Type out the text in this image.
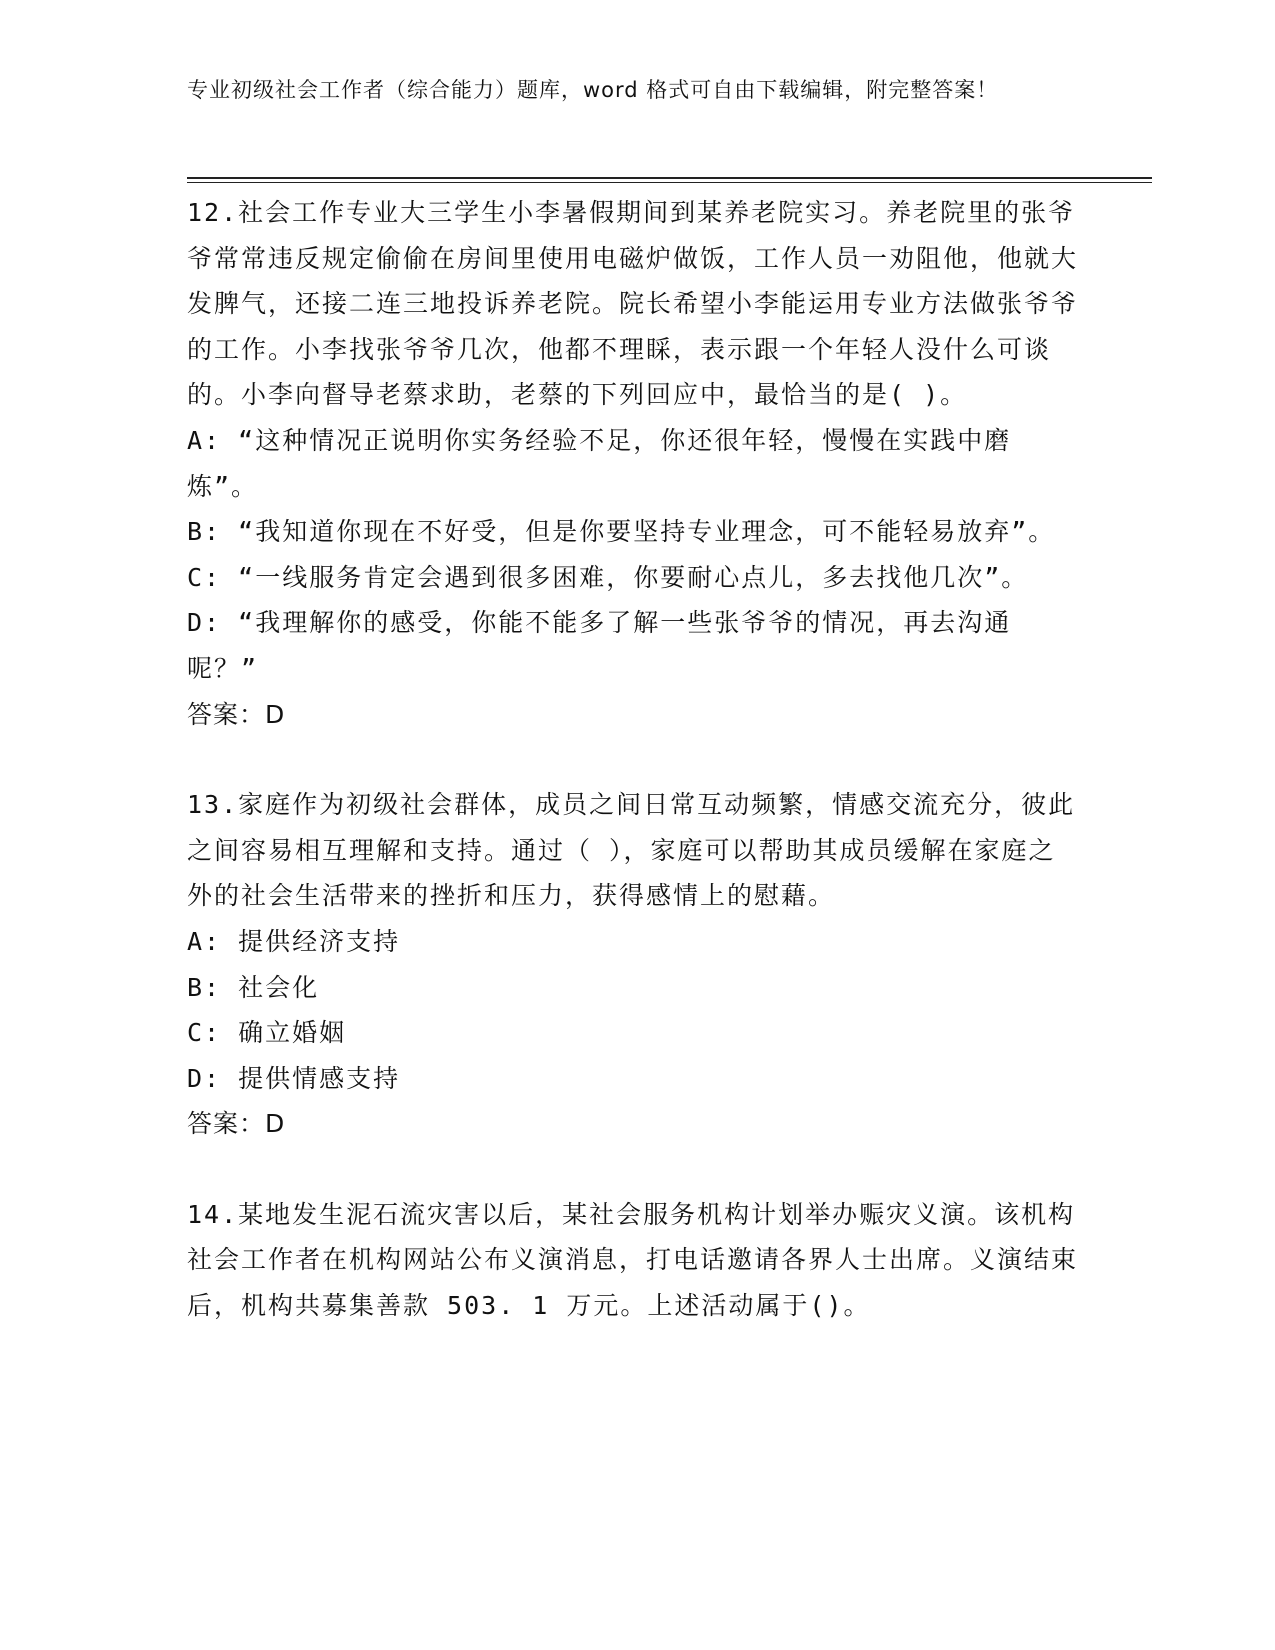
专业初级社会工作者（综合能力）题库，word 格式可自由下载编辑，附完整答案！

12.社会工作专业大三学生小李暑假期间到某养老院实习。养老院里的张爷爷常常违反规定偷偷在房间里使用电磁炉做饭，工作人员一劝阻他，他就大发脾气，还接二连三地投诉养老院。院长希望小李能运用专业方法做张爷爷的工作。小李找张爷爷几次，他都不理睬，表示跟一个年轻人没什么可谈的。小李向督导老蔡求助，老蔡的下列回应中，最恰当的是( )。

A: “这种情况正说明你实务经验不足，你还很年轻，慢慢在实践中磨炼”。

B: “我知道你现在不好受，但是你要坚持专业理念，可不能轻易放弃”。

C: “一线服务肯定会遇到很多困难，你要耐心点儿，多去找他几次”。

D: “我理解你的感受，你能不能多了解一些张爷爷的情况，再去沟通呢？”

答案：D

13.家庭作为初级社会群体，成员之间日常互动频繁，情感交流充分，彼此之间容易相互理解和支持。通过（ ），家庭可以帮助其成员缓解在家庭之外的社会生活带来的挫折和压力，获得感情上的慰藉。

A: 提供经济支持

B: 社会化

C: 确立婚姻

D: 提供情感支持

答案：D

14.某地发生泥石流灾害以后，某社会服务机构计划举办赈灾义演。该机构社会工作者在机构网站公布义演消息，打电话邀请各界人士出席。义演结束后，机构共募集善款 503. 1 万元。上述活动属于()。
